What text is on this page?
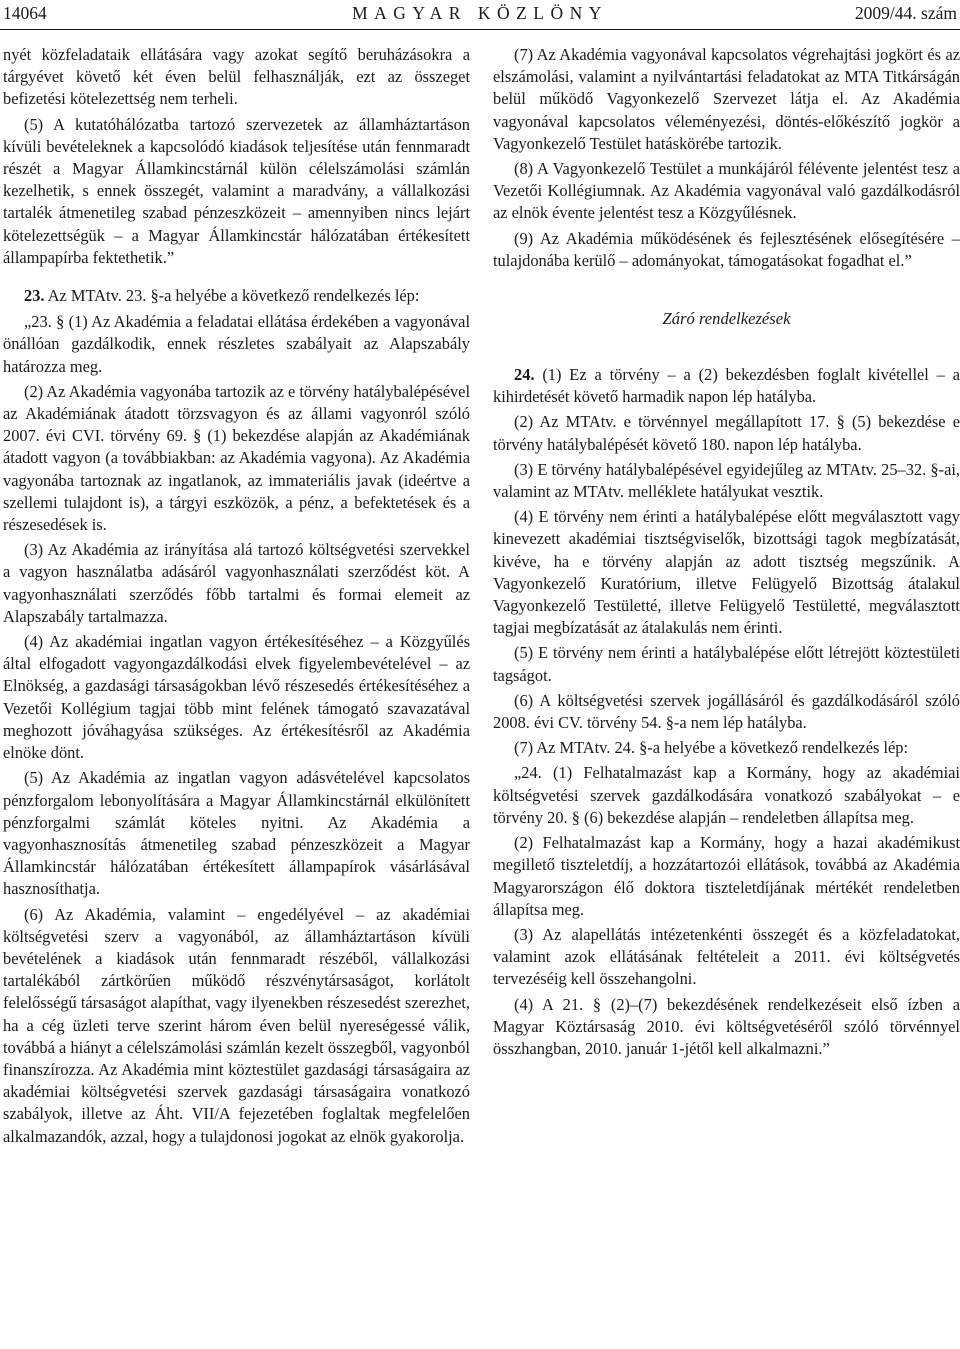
14064	MAGYAR KÖZLÖNY	2009/44. szám

nyét közfeladataik ellátására vagy azokat segítő beruházásokra a tárgyévet követő két éven belül felhasználják, ezt az összeget befizetési kötelezettség nem terheli.

(5) A kutatóhálózatba tartozó szervezetek az államháztartáson kívüli bevételeknek a kapcsolódó kiadások teljesítése után fennmaradt részét a Magyar Államkincstárnál külön célelszámolási számlán kezelhetik, s ennek összegét, valamint a maradvány, a vállalkozási tartalék átmenetileg szabad pénzeszközeit – amennyiben nincs lejárt kötelezettségük – a Magyar Államkincstár hálózatában értékesített állampapírba fektethetik.”

23. Az MTAtv. 23. §-a helyébe a következő rendelkezés lép:

„23. § (1) Az Akadémia a feladatai ellátása érdekében a vagyonával önállóan gazdálkodik, ennek részletes szabályait az Alapszabály határozza meg.

(2) Az Akadémia vagyonába tartozik az e törvény hatálybalépésével az Akadémiának átadott törzsvagyon és az állami vagyonról szóló 2007. évi CVI. törvény 69. § (1) bekezdése alapján az Akadémiának átadott vagyon (a továbbiakban: az Akadémia vagyona). Az Akadémia vagyonába tartoznak az ingatlanok, az immateriális javak (ideértve a szellemi tulajdont is), a tárgyi eszközök, a pénz, a befektetések és a részesedések is.

(3) Az Akadémia az irányítása alá tartozó költségvetési szervekkel a vagyon használatba adásáról vagyonhasználati szerződést köt. A vagyonhasználati szerződés főbb tartalmi és formai elemeit az Alapszabály tartalmazza.

(4) Az akadémiai ingatlan vagyon értékesítéséhez – a Közgyűlés által elfogadott vagyongazdálkodási elvek figyelembevételével – az Elnökség, a gazdasági társaságokban lévő részesedés értékesítéséhez a Vezetői Kollégium tagjai több mint felének támogató szavazatával meghozott jóváhagyása szükséges. Az értékesítésről az Akadémia elnöke dönt.

(5) Az Akadémia az ingatlan vagyon adásvételével kapcsolatos pénzforgalom lebonyolítására a Magyar Államkincstárnál elkülönített pénzforgalmi számlát köteles nyitni. Az Akadémia a vagyonhasznosítás átmenetileg szabad pénzeszközeit a Magyar Államkincstár hálózatában értékesített állampapírok vásárlásával hasznosíthatja.

(6) Az Akadémia, valamint – engedélyével – az akadémiai költségvetési szerv a vagyonából, az államháztartáson kívüli bevételének a kiadások után fennmaradt részéből, vállalkozási tartalékából zártkörűen működő részvénytársaságot, korlátolt felelősségű társaságot alapíthat, vagy ilyenekben részesedést szerezhet, ha a cég üzleti terve szerint három éven belül nyereségessé válik, továbbá a hiányt a célelszámolási számlán kezelt összegből, vagyonból finanszírozza. Az Akadémia mint köztestület gazdasági társaságaira az akadémiai költségvetési szervek gazdasági társaságaira vonatkozó szabályok, illetve az Áht. VII/A fejezetében foglaltak megfelelően alkalmazandók, azzal, hogy a tulajdonosi jogokat az elnök gyakorolja.

(7) Az Akadémia vagyonával kapcsolatos végrehajtási jogkört és az elszámolási, valamint a nyilvántartási feladatokat az MTA Titkárságán belül működő Vagyonkezelő Szervezet látja el. Az Akadémia vagyonával kapcsolatos véleményezési, döntés-előkészítő jogkör a Vagyonkezelő Testület hatáskörébe tartozik.

(8) A Vagyonkezelő Testület a munkájáról félévente jelentést tesz a Vezetői Kollégiumnak. Az Akadémia vagyonával való gazdálkodásról az elnök évente jelentést tesz a Közgyűlésnek.

(9) Az Akadémia működésének és fejlesztésének elősegítésére – tulajdonába kerülő – adományokat, támogatásokat fogadhat el.”

Záró rendelkezések

24. (1) Ez a törvény – a (2) bekezdésben foglalt kivétellel – a kihirdetését követő harmadik napon lép hatályba.

(2) Az MTAtv. e törvénnyel megállapított 17. § (5) bekezdése e törvény hatálybalépését követő 180. napon lép hatályba.

(3) E törvény hatálybalépésével egyidejűleg az MTAtv. 25–32. §-ai, valamint az MTAtv. melléklete hatályukat vesztik.

(4) E törvény nem érinti a hatálybalépése előtt megválasztott vagy kinevezett akadémiai tisztségviselők, bizottsági tagok megbízatását, kivéve, ha e törvény alapján az adott tisztség megszűnik. A Vagyonkezelő Kuratórium, illetve Felügyelő Bizottság átalakul Vagyonkezelő Testületté, illetve Felügyelő Testületté, megválasztott tagjai megbízatását az átalakulás nem érinti.

(5) E törvény nem érinti a hatálybalépése előtt létrejött köztestületi tagságot.

(6) A költségvetési szervek jogállásáról és gazdálkodásáról szóló 2008. évi CV. törvény 54. §-a nem lép hatályba.

(7) Az MTAtv. 24. §-a helyébe a következő rendelkezés lép:

„24. (1) Felhatalmazást kap a Kormány, hogy az akadémiai költségvetési szervek gazdálkodására vonatkozó szabályokat – e törvény 20. § (6) bekezdése alapján – rendeletben állapítsa meg.

(2) Felhatalmazást kap a Kormány, hogy a hazai akadémikust megillető tiszteletdíj, a hozzátartozói ellátások, továbbá az Akadémia Magyarországon élő doktora tiszteletdíjának mértékét rendeletben állapítsa meg.

(3) Az alapellátás intézetenkénti összegét és a közfeladatokat, valamint azok ellátásának feltételeit a 2011. évi költségvetés tervezéséig kell összehangolni.

(4) A 21. § (2)–(7) bekezdésének rendelkezéseit első ízben a Magyar Köztársaság 2010. évi költségvetéséről szóló törvénnyel összhangban, 2010. január 1-jétől kell alkalmazni.”
